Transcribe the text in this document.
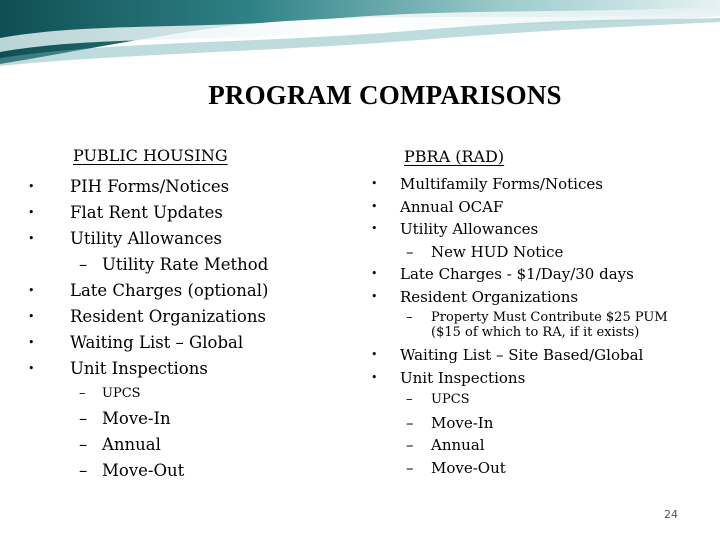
PROGRAM COMPARISONS
PUBLIC HOUSING	PBRA (RAD)
• PIH Forms/Notices
• Flat Rent Updates
• Utility Allowances
– Utility Rate Method
• Late Charges (optional)
• Resident Organizations
• Waiting List – Global
• Unit Inspections
– UPCS
– Move-In
– Annual
– Move-Out
• Multifamily Forms/Notices
• Annual OCAF
• Utility Allowances
– New HUD Notice
• Late Charges - $1/Day/30 days
• Resident Organizations
– Property Must Contribute $25 PUM ($15 of which to RA, if it exists)
• Waiting List – Site Based/Global
• Unit Inspections
– UPCS
– Move-In
– Annual
– Move-Out
24
